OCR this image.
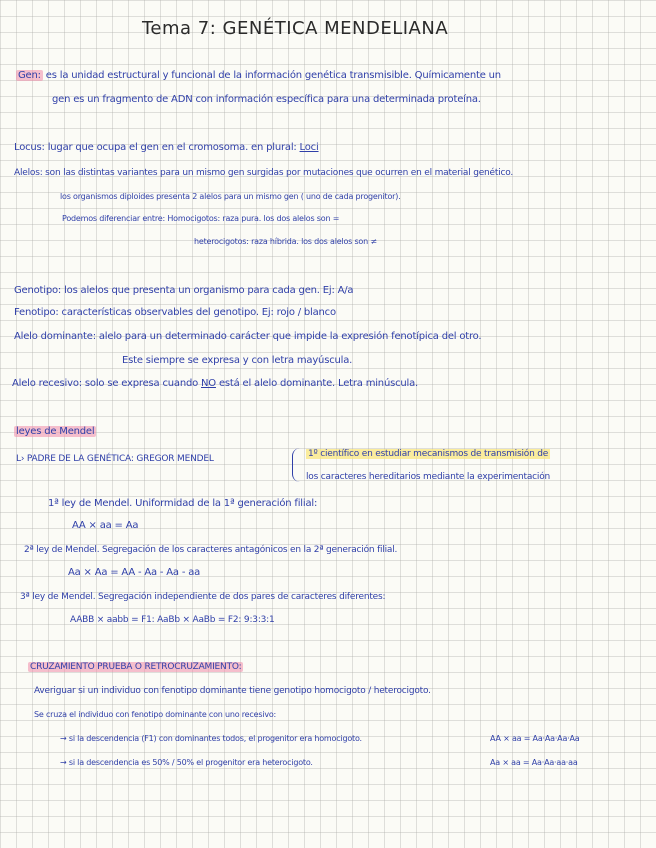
Tema 7: GENÉTICA MENDELIANA
Gen: es la unidad estructural y funcional de la información genética transmisible. Químicamente un
gen es un fragmento de ADN con información específica para una determinada proteína.
Locus: lugar que ocupa el gen en el cromosoma. en plural: Loci
Alelos: son las distintas variantes para un mismo gen surgidas por mutaciones que ocurren en el material genético.
los organismos diploides presenta 2 alelos para un mismo gen ( uno de cada progenitor).
Podemos diferenciar entre: Homocigotos: raza pura. los dos alelos son =
heterocigotos: raza híbrida. los dos alelos son ≠
Genotipo: los alelos que presenta un organismo para cada gen. Ej: A/a
Fenotipo: características observables del genotipo. Ej: rojo / blanco
Alelo dominante: alelo para un determinado carácter que impide la expresión fenotípica del otro.
Este siempre se expresa y con letra mayúscula.
Alelo recesivo: solo se expresa cuando NO está el alelo dominante. Letra minúscula.
leyes de Mendel
L› PADRE DE LA GENÉTICA: GREGOR MENDEL	1º científico en estudiar mecanismos de transmisión de
los caracteres hereditarios mediante la experimentación
1ª ley de Mendel. Uniformidad de la 1ª generación filial:
AA × aa = Aa
2ª ley de Mendel. Segregación de los caracteres antagónicos en la 2ª generación filial.
Aa × Aa = AA - Aa - Aa - aa
3ª ley de Mendel. Segregación independiente de dos pares de caracteres diferentes:
AABB × aabb = F1: AaBb × AaBb = F2: 9:3:3:1
CRUZAMIENTO PRUEBA O RETROCRUZAMIENTO:
Averiguar si un individuo con fenotipo dominante tiene genotipo homocigoto / heterocigoto.
Se cruza el individuo con fenotipo dominante con uno recesivo:
→ si la descendencia (F1) con dominantes todos, el progenitor era homocigoto.	AA × aa = Aa·Aa·Aa·Aa
→ si la descendencia es 50% / 50% el progenitor era heterocigoto.	Aa × aa = Aa·Aa·aa·aa
